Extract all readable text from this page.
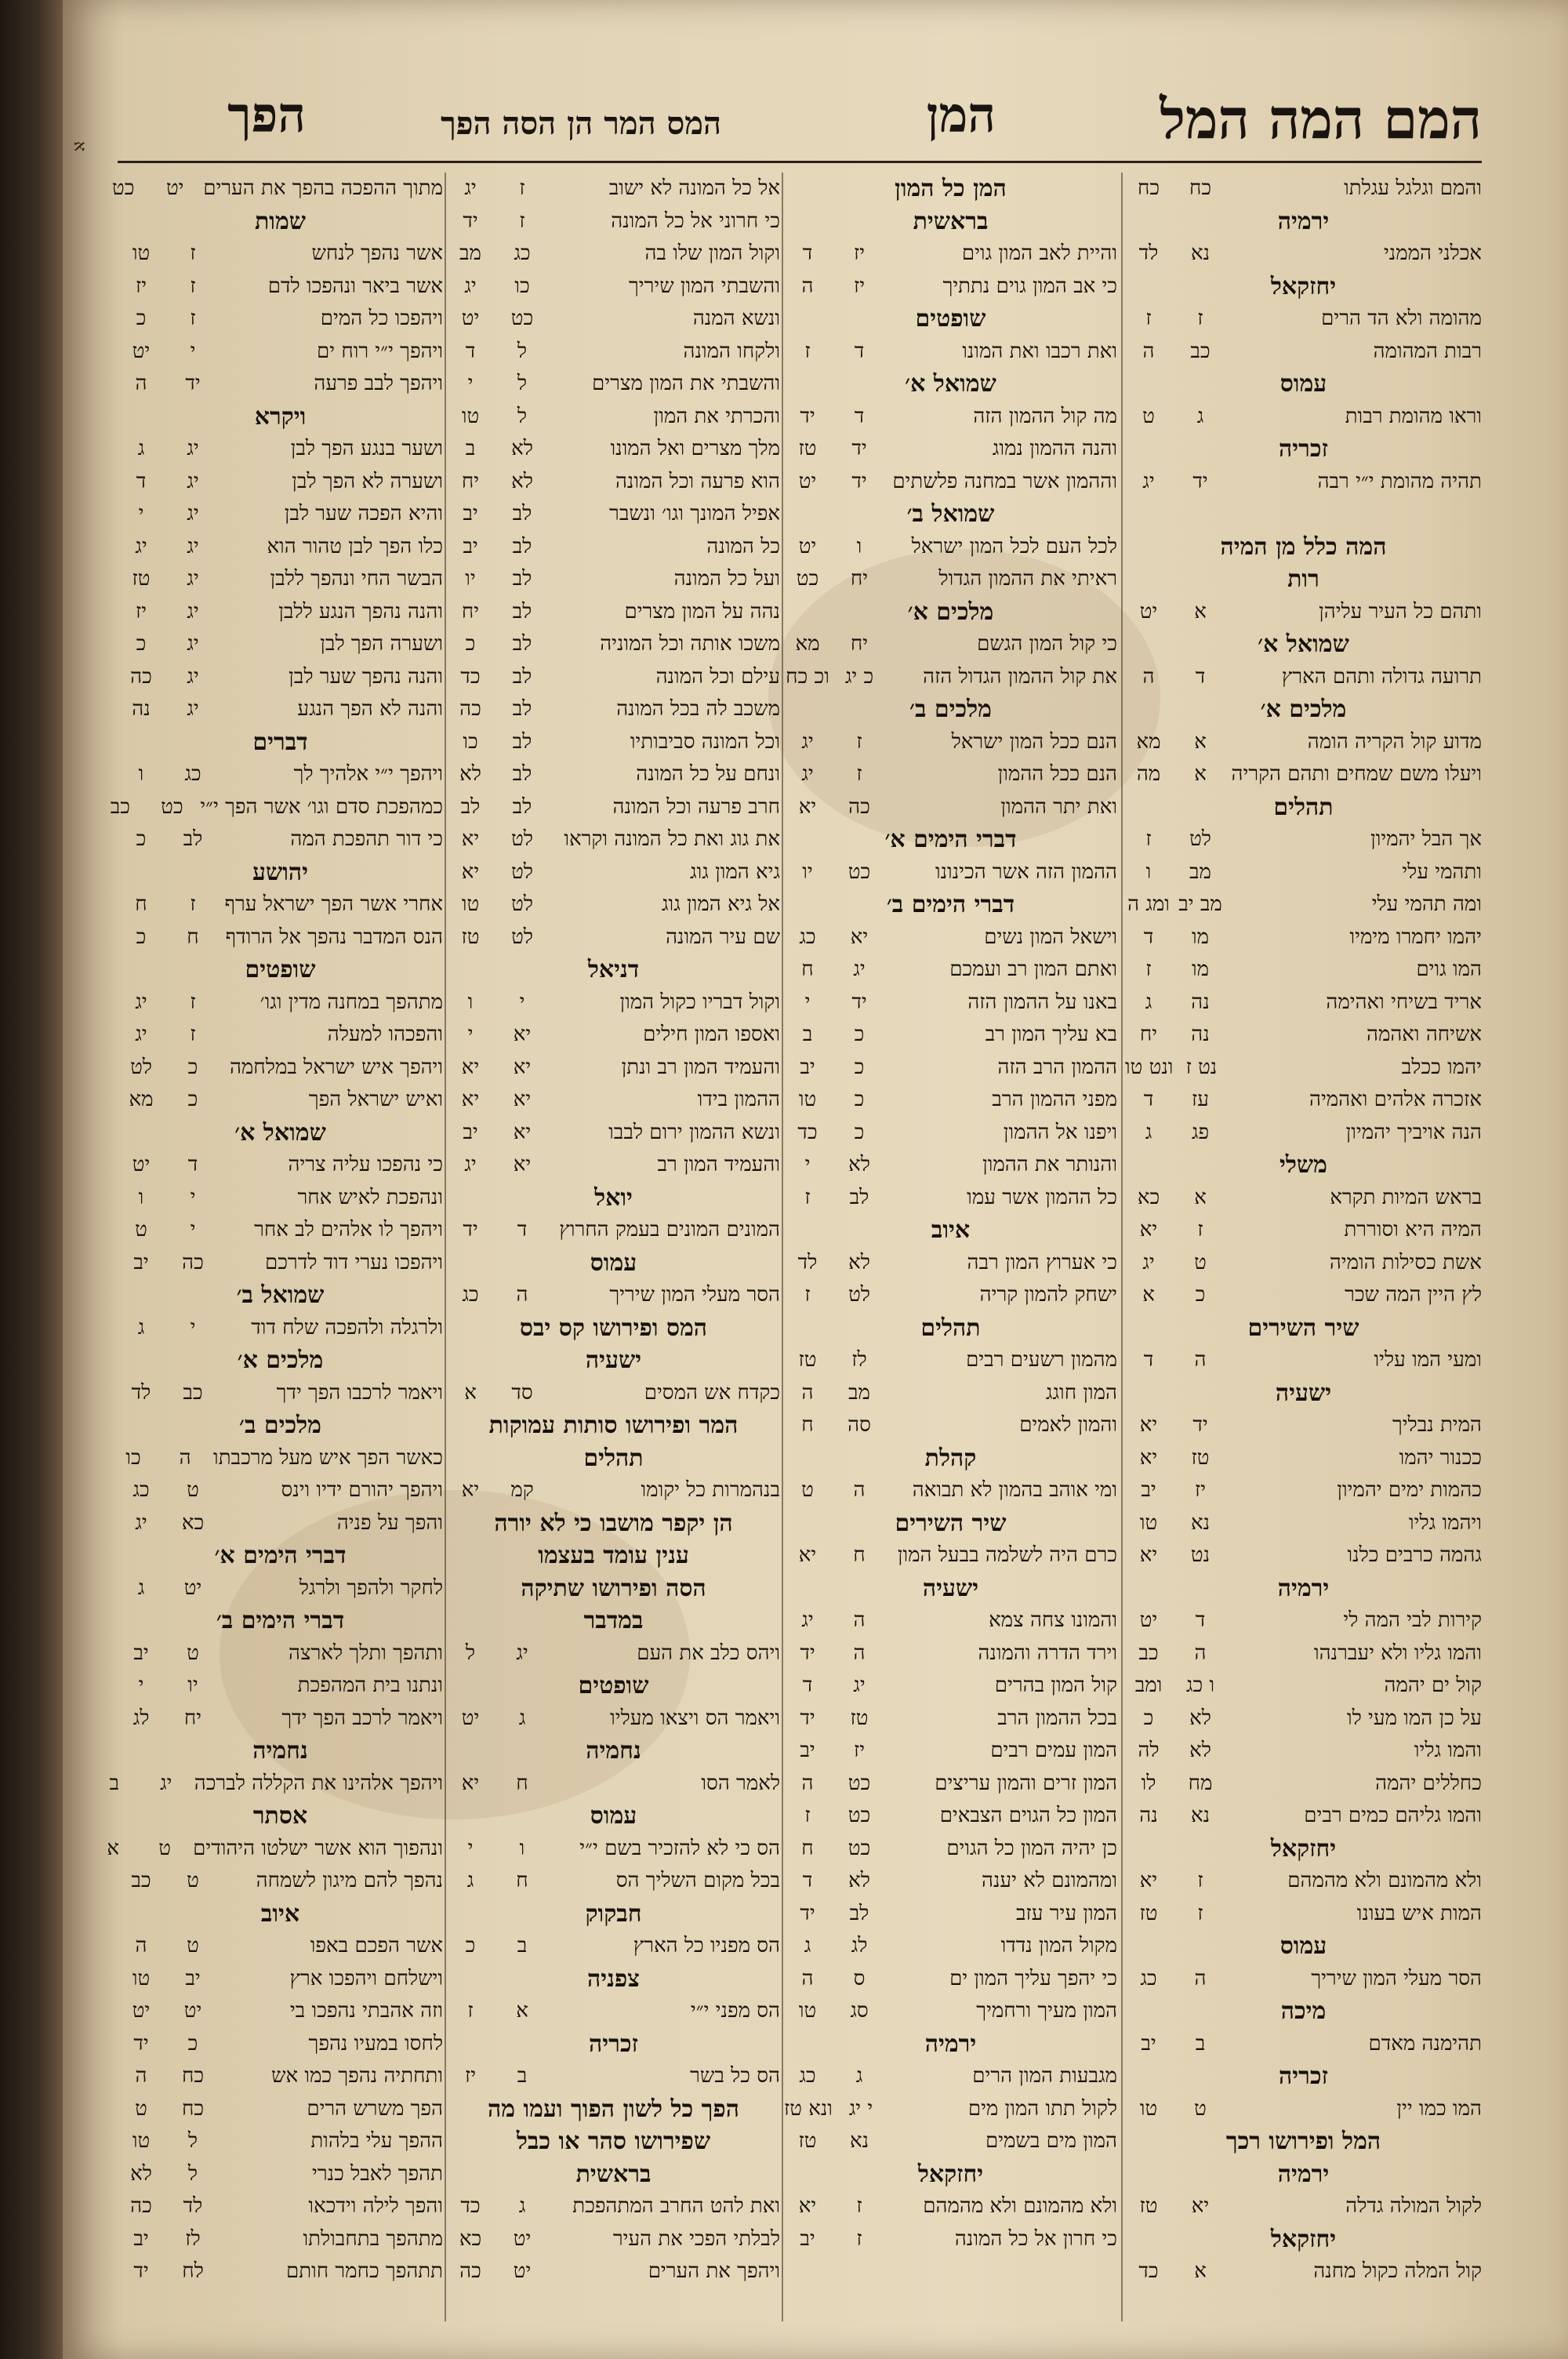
א	המם המה המל
המן
המס המר הן הסה הפך
הפך
והמם וגלגל עגלתו
כח
כח
ירמיה
אכלני הממני
נא
לד
יחזקאל
מהומה ולא הד הרים
ז
ז
רבות המהומה
כב
ה
עמוס
וראו מהומת רבות
ג
ט
זכריה
תהיה מהומת י״י רבה
יד
יג
המה כלל מן המיה
רות
ותהם כל העיר עליהן
א
יט
שמואל א׳
תרועה גדולה ותהם הארץ
ד
ה
מלכים א׳
מדוע קול הקריה הומה
א
מא
ויעלו משם שמחים ותהם הקריה
א
מה
תהלים
אך הבל יהמיון
לט
ז
ותהמי עלי
מב
ו
ומה תהמי עלי
מב יב
ומג ה
יהמו יחמרו מימיו
מו
ד
המו גוים
מו
ז
אריד בשיחי ואהימה
נה
ג
אשיחה ואהמה
נה
יח
יהמו ככלב
נט ז
ונט טו
אזכרה אלהים ואהמיה
עז
ד
הנה אויביך יהמיון
פג
ג
משלי
בראש המיות תקרא
א
כא
המיה היא וסוררת
ז
יא
אשת כסילות הומיה
ט
יג
לץ היין המה שכר
כ
א
שיר השירים
ומעי המו עליו
ה
ד
ישעיה
המית נבליך
יד
יא
ככנור יהמו
טז
יא
כהמות ימים יהמיון
יז
יב
ויהמו גליו
נא
טו
גהמה כרבים כלנו
נט
יא
ירמיה
קירות לבי המה לי
ד
יט
והמו גליו ולא יעברנהו
ה
כב
קול ים יהמה
ו כג
ומב
על כן המו מעי לו
לא
כ
והמו גליו
לא
לה
כחללים יהמה
מח
לו
והמו גליהם כמים רבים
נא
נה
יחזקאל
ולא מהמונם ולא מהמהם
ז
יא
המות איש בעונו
ז
טז
עמוס
הסר מעלי המון שיריך
ה
כג
מיכה
תהימנה מאדם
ב
יב
זכריה
המו כמו יין
ט
טו
המל ופירושו רכך
ירמיה
לקול המולה גדלה
יא
טז
יחזקאל
קול המלה כקול מחנה
א
כד
המן כל המון
בראשית
והיית לאב המון גוים
יז
ד
כי אב המון גוים נתתיך
יז
ה
שופטים
ואת רכבו ואת המונו
ד
ז
שמואל א׳
מה קול ההמון הזה
ד
יד
והנה ההמון נמוג
יד
טז
וההמון אשר במחנה פלשתים
יד
יט
שמואל ב׳
לכל העם לכל המון ישראל
ו
יט
ראיתי את ההמון הגדול
יח
כט
מלכים א׳
כי קול המון הגשם
יח
מא
את קול ההמון הגדול הזה
כ יג
וכ כח
מלכים ב׳
הנם ככל המון ישראל
ז
יג
הנם ככל ההמון
ז
יג
ואת יתר ההמון
כה
יא
דברי הימים א׳
ההמון הזה אשר הכינונו
כט
יו
דברי הימים ב׳
וישאל המון נשים
יא
כג
ואתם המון רב ועמכם
יג
ח
באנו על ההמון הזה
יד
י
בא עליך המון רב
כ
ב
ההמון הרב הזה
כ
יב
מפני ההמון הרב
כ
טו
ויפנו אל ההמון
כ
כד
והנותר את ההמון
לא
י
כל ההמון אשר עמו
לב
ז
איוב
כי אערוץ המון רבה
לא
לד
ישחק להמון קריה
לט
ז
תהלים
מהמון רשעים רבים
לז
טז
המון חוגג
מב
ה
והמון לאמים
סה
ח
קהלת
ומי אוהב בהמון לא תבואה
ה
ט
שיר השירים
כרם היה לשלמה בבעל המון
ח
יא
ישעיה
והמונו צחה צמא
ה
יג
וירד הדרה והמונה
ה
יד
קול המון בהרים
יג
ד
בכל ההמון הרב
טז
יד
המון עמים רבים
יז
יב
המון זרים והמון עריצים
כט
ה
המון כל הגוים הצבאים
כט
ז
כן יהיה המון כל הגוים
כט
ח
ומהמונם לא יענה
לא
ד
המון עיר עזב
לב
יד
מקול המון נדדו
לג
ג
כי יהפך עליך המון ים
ס
ה
המון מעיך ורחמיך
סג
טו
ירמיה
מגבעות המון הרים
ג
כג
לקול תתו המון מים
י יג
ונא טז
המון מים בשמים
נא
טז
יחזקאל
ולא מהמונם ולא מהמהם
ז
יא
כי חרון אל כל המונה
ז
יב
אל כל המונה לא ישוב
ז
יג
כי חרוני אל כל המונה
ז
יד
וקול המון שלו בה
כג
מב
והשבתי המון שיריך
כו
יג
ונשא המנה
כט
יט
ולקחו המונה
ל
ד
והשבתי את המון מצרים
ל
י
והכרתי את המון
ל
טו
מלך מצרים ואל המונו
לא
ב
הוא פרעה וכל המונה
לא
יח
אפיל המונך וגו׳ ונשבר
לב
יב
כל המונה
לב
יב
ועל כל המונה
לב
יו
נהה על המון מצרים
לב
יח
משכו אותה וכל המוניה
לב
כ
עילם וכל המונה
לב
כד
משכב לה בכל המונה
לב
כה
וכל המונה סביבותיו
לב
כו
ונחם על כל המונה
לב
לא
חרב פרעה וכל המונה
לב
לב
את גוג ואת כל המונה וקראו
לט
יא
גיא המון גוג
לט
יא
אל גיא המון גוג
לט
טו
שם עיר המונה
לט
טז
דניאל
וקול דבריו כקול המון
י
ו
ואספו המון חילים
יא
י
והעמיד המון רב ונתן
יא
יא
ההמון בידו
יא
יא
ונשא ההמון ירום לבבו
יא
יב
והעמיד המון רב
יא
יג
יואל
המונים המונים בעמק החרוץ
ד
יד
עמוס
הסר מעלי המון שיריך
ה
כג
המס ופירושו קס יבס
ישעיה
כקדח אש המסים
סד
א
המר ופירושו סותות עמוקות
תהלים
בנהמרות כל יקומו
קמ
יא
הן יקפר מושבו כי לא יורה
ענין עומד בעצמו
הסה ופירושו שתיקה
במדבר
ויהס כלב את העם
יג
ל
שופטים
ויאמר הס ויצאו מעליו
ג
יט
נחמיה
לאמר הסו
ח
יא
עמוס
הס כי לא להזכיר בשם י״י
ו
י
בכל מקום השליך הס
ח
ג
חבקוק
הס מפניו כל הארץ
ב
כ
צפניה
הס מפני י״י
א
ז
זכריה
הס כל בשר
ב
יז
הפך כל לשון הפוך ועמו מה
שפירושו סהר או כבל
בראשית
ואת להט החרב המתהפכת
ג
כד
לבלתי הפכי את העיר
יט
כא
ויהפך את הערים
יט
כה
מתוך ההפכה בהפך את הערים
יט
כט
שמות
אשר נהפך לנחש
ז
טו
אשר ביאר ונהפכו לדם
ז
יז
ויהפכו כל המים
ז
כ
ויהפך י״י רוח ים
י
יט
ויהפך לבב פרעה
יד
ה
ויקרא
ושער בנגע הפך לבן
יג
ג
ושערה לא הפך לבן
יג
ד
והיא הפכה שער לבן
יג
י
כלו הפך לבן טהור הוא
יג
יג
הבשר החי ונהפך ללבן
יג
טז
והנה נהפך הנגע ללבן
יג
יז
ושערה הפך לבן
יג
כ
והנה נהפך שער לבן
יג
כה
והנה לא הפך הנגע
יג
נה
דברים
ויהפך י״י אלהיך לך
כג
ו
כמהפכת סדם וגו׳ אשר הפך י״י
כט
כב
כי דור תהפכת המה
לב
כ
יהושע
אחרי אשר הפך ישראל ערף
ז
ח
הנס המדבר נהפך אל הרודף
ח
כ
שופטים
מתהפך במחנה מדין וגו׳
ז
יג
והפכהו למעלה
ז
יג
ויהפך איש ישראל במלחמה
כ
לט
ואיש ישראל הפך
כ
מא
שמואל א׳
כי נהפכו עליה צריה
ד
יט
ונהפכת לאיש אחר
י
ו
ויהפך לו אלהים לב אחר
י
ט
ויהפכו נערי דוד לדרכם
כה
יב
שמואל ב׳
ולרגלה ולהפכה שלח דוד
י
ג
מלכים א׳
ויאמר לרכבו הפך ידך
כב
לד
מלכים ב׳
כאשר הפך איש מעל מרכבתו
ה
כו
ויהפך יהורם ידיו וינס
ט
כג
והפך על פניה
כא
יג
דברי הימים א׳
לחקר ולהפך ולרגל
יט
ג
דברי הימים ב׳
ותהפך ותלך לארצה
ט
יב
ונתנו בית המהפכת
יו
י
ויאמר לרכב הפך ידך
יח
לג
נחמיה
ויהפך אלהינו את הקללה לברכה
יג
ב
אסתר
ונהפוך הוא אשר ישלטו היהודים
ט
א
נהפך להם מיגון לשמחה
ט
כב
איוב
אשר הפכם באפו
ט
ה
וישלחם ויהפכו ארץ
יב
טו
וזה אהבתי נהפכו בי
יט
יט
לחסו במעיו נהפך
כ
יד
ותחתיה נהפך כמו אש
כח
ה
הפך משרש הרים
כח
ט
ההפך עלי בלהות
ל
טו
תהפך לאבל כנרי
ל
לא
והפך לילה וידכאו
לד
כה
מתהפך בתחבולתו
לז
יב
תתהפך כחמר חותם
לח
יד
